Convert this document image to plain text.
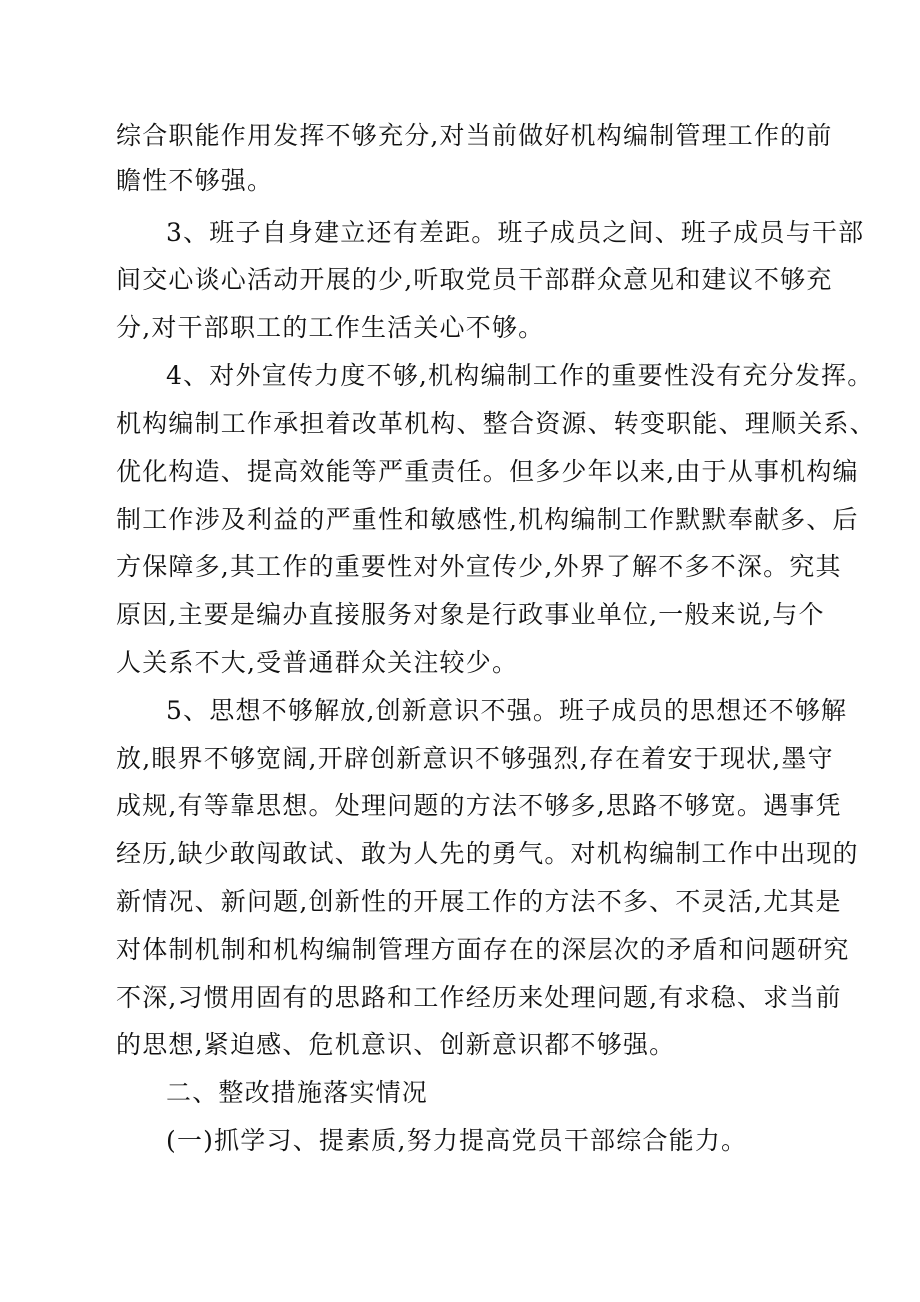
综合职能作用发挥不够充分,对当前做好机构编制管理工作的前
瞻性不够强。
3、班子自身建立还有差距。班子成员之间、班子成员与干部
间交心谈心活动开展的少,听取党员干部群众意见和建议不够充
分,对干部职工的工作生活关心不够。
4、对外宣传力度不够,机构编制工作的重要性没有充分发挥。
机构编制工作承担着改革机构、整合资源、转变职能、理顺关系、
优化构造、提高效能等严重责任。但多少年以来,由于从事机构编
制工作涉及利益的严重性和敏感性,机构编制工作默默奉献多、后
方保障多,其工作的重要性对外宣传少,外界了解不多不深。究其
原因,主要是编办直接服务对象是行政事业单位,一般来说,与个
人关系不大,受普通群众关注较少。
5、思想不够解放,创新意识不强。班子成员的思想还不够解
放,眼界不够宽阔,开辟创新意识不够强烈,存在着安于现状,墨守
成规,有等靠思想。处理问题的方法不够多,思路不够宽。遇事凭
经历,缺少敢闯敢试、敢为人先的勇气。对机构编制工作中出现的
新情况、新问题,创新性的开展工作的方法不多、不灵活,尤其是
对体制机制和机构编制管理方面存在的深层次的矛盾和问题研究
不深,习惯用固有的思路和工作经历来处理问题,有求稳、求当前
的思想,紧迫感、危机意识、创新意识都不够强。
二、整改措施落实情况
(一)抓学习、提素质,努力提高党员干部综合能力。
